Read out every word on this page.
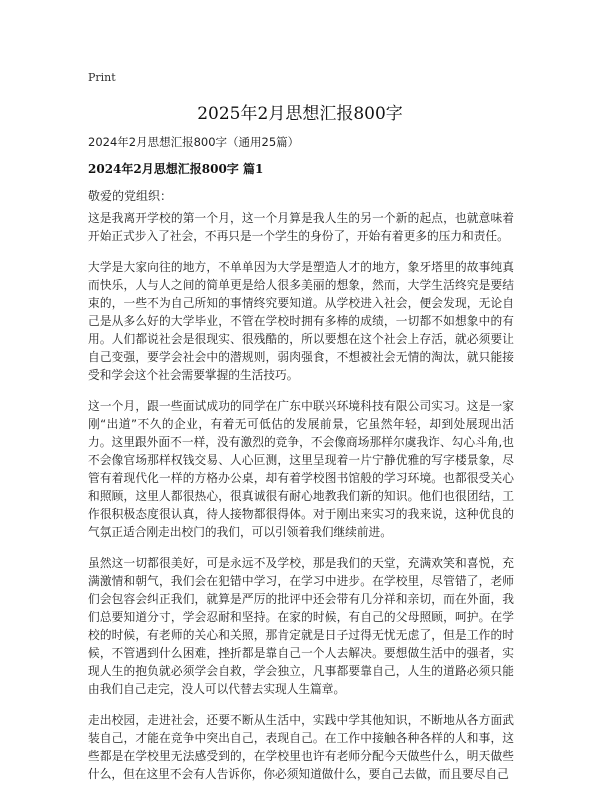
Print
2025年2月思想汇报800字
2024年2月思想汇报800字（通用25篇）
2024年2月思想汇报800字 篇1
敬爱的党组织：

这是我离开学校的第一个月，这一个月算是我人生的另一个新的起点，也就意味着开始正式步入了社会，不再只是一个学生的身份了，开始有着更多的压力和责任。

大学是大家向往的地方，不单单因为大学是塑造人才的地方，象牙塔里的故事纯真而快乐，人与人之间的简单更是给人很多美丽的想象，然而，大学生活终究是要结束的，一些不为自己所知的事情终究要知道。从学校进入社会，便会发现，无论自己是从多么好的大学毕业，不管在学校时拥有多棒的成绩，一切都不如想象中的有用。人们都说社会是很现实、很残酷的，所以要想在这个社会上存活，就必须要让自己变强，要学会社会中的潜规则，弱肉强食，不想被社会无情的淘汰，就只能接受和学会这个社会需要掌握的生活技巧。

这一个月，跟一些面试成功的同学在广东中联兴环境科技有限公司实习。这是一家刚“出道”不久的企业，有着无可低估的发展前景，它虽然年轻，却到处展现出活力。这里跟外面不一样，没有激烈的竞争，不会像商场那样尔虞我诈、勾心斗角,也不会像官场那样权钱交易、人心叵测，这里呈现着一片宁静优雅的写字楼景象，尽管有着现代化一样的方格办公桌，却有着学校图书馆般的学习环境。也都很受关心和照顾，这里人都很热心，很真诚很有耐心地教我们新的知识。他们也很团结，工作很积极态度很认真，待人接物都很得体。对于刚出来实习的我来说，这种优良的气氛正适合刚走出校门的我们，可以引领着我们继续前进。

虽然这一切都很美好，可是永远不及学校，那是我们的天堂，充满欢笑和喜悦，充满激情和朝气，我们会在犯错中学习，在学习中进步。在学校里，尽管错了，老师们会包容会纠正我们，就算是严厉的批评中还会带有几分祥和亲切，而在外面，我们总要知道分寸，学会忍耐和坚持。在家的时候，有自己的父母照顾，呵护。在学校的时候，有老师的关心和关照，那肯定就是日子过得无忧无虑了，但是工作的时候，不管遇到什么困难，挫折都是靠自己一个人去解决。要想做生活中的强者，实现人生的抱负就必须学会自救，学会独立，凡事都要靠自己，人生的道路必须只能由我们自己走完，没人可以代替去实现人生篇章。

走出校园，走进社会，还要不断从生活中，实践中学其他知识，不断地从各方面武装自己，才能在竞争中突出自己，表现自己。在工作中接触各种各样的人和事，这些都是在学校里无法感受到的，在学校里也许有老师分配今天做些什么，明天做些什么，但在这里不会有人告诉你，你必须知道做什么，要自己去做，而且要尽自己
